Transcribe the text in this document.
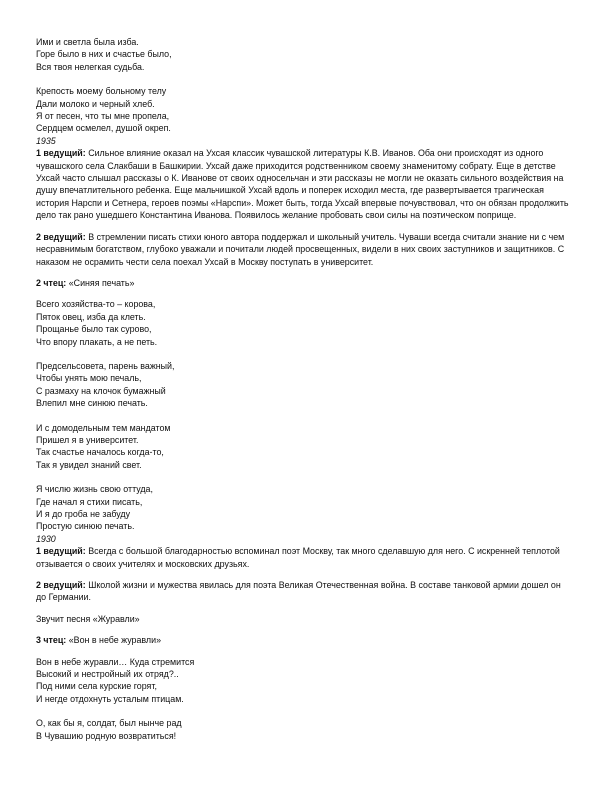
Ими и светла была изба.

Горе было в них и счастье было,

Вся твоя нелегкая судьба.

Крепость моему больному телу

Дали молоко и черный хлеб.

Я от песен, что ты мне пропела,

Сердцем осмелел, душой окреп.

1935

1 ведущий: Сильное влияние оказал на Ухсая классик чувашской литературы К.В. Иванов. Оба они происходят из одного чувашского села Слакбаши в Башкирии. Ухсай даже приходится родственником своему знаменитому собрату. Еще в детстве Ухсай часто слышал рассказы о К. Иванове от своих односельчан и эти рассказы не могли не оказать сильного воздействия на душу впечатлительного ребенка. Еще мальчишкой Ухсай вдоль и поперек исходил места, где развертывается трагическая история Нарспи и Сетнера, героев поэмы «Нарспи». Может быть, тогда Ухсай впервые почувствовал, что он обязан продолжить дело так рано ушедшего Константина Иванова. Появилось желание пробовать свои силы на поэтическом поприще.

2 ведущий: В стремлении писать стихи юного автора поддержал и школьный учитель. Чуваши всегда считали знание ни с чем несравнимым богатством, глубоко уважали и почитали людей просвещенных, видели в них своих заступников и защитников. С наказом не осрамить чести села поехал Ухсай в Москву поступать в университет.

2 чтец: «Синяя печать»

Всего хозяйства-то – корова,

Пяток овец, изба да клеть.

Прощанье было так сурово,

Что впору плакать, а не петь.

Предсельсовета, парень важный,

Чтобы унять мою печаль,

С размаху на клочок бумажный

Влепил мне синюю печать.

И с домодельным тем мандатом

Пришел я в университет.

Так счастье началось когда-то,

Так я увидел знаний свет.

Я числю жизнь свою оттуда,

Где начал я стихи писать,

И я до гроба не забуду

Простую синюю печать.

1930

1 ведущий: Всегда с большой благодарностью вспоминал поэт Москву, так много сделавшую для него. С искренней теплотой отзывается о своих учителях и московских друзьях.

2 ведущий: Школой жизни и мужества явилась для поэта Великая Отечественная война. В составе танковой армии дошел он до Германии.

Звучит песня «Журавли»

3 чтец: «Вон в небе журавли»

Вон в небе журавли… Куда стремится

Высокий и нестройный их отряд?..

Под ними села курские горят,

И негде отдохнуть усталым птицам.

О, как бы я, солдат, был нынче рад

В Чувашию родную возвратиться!
